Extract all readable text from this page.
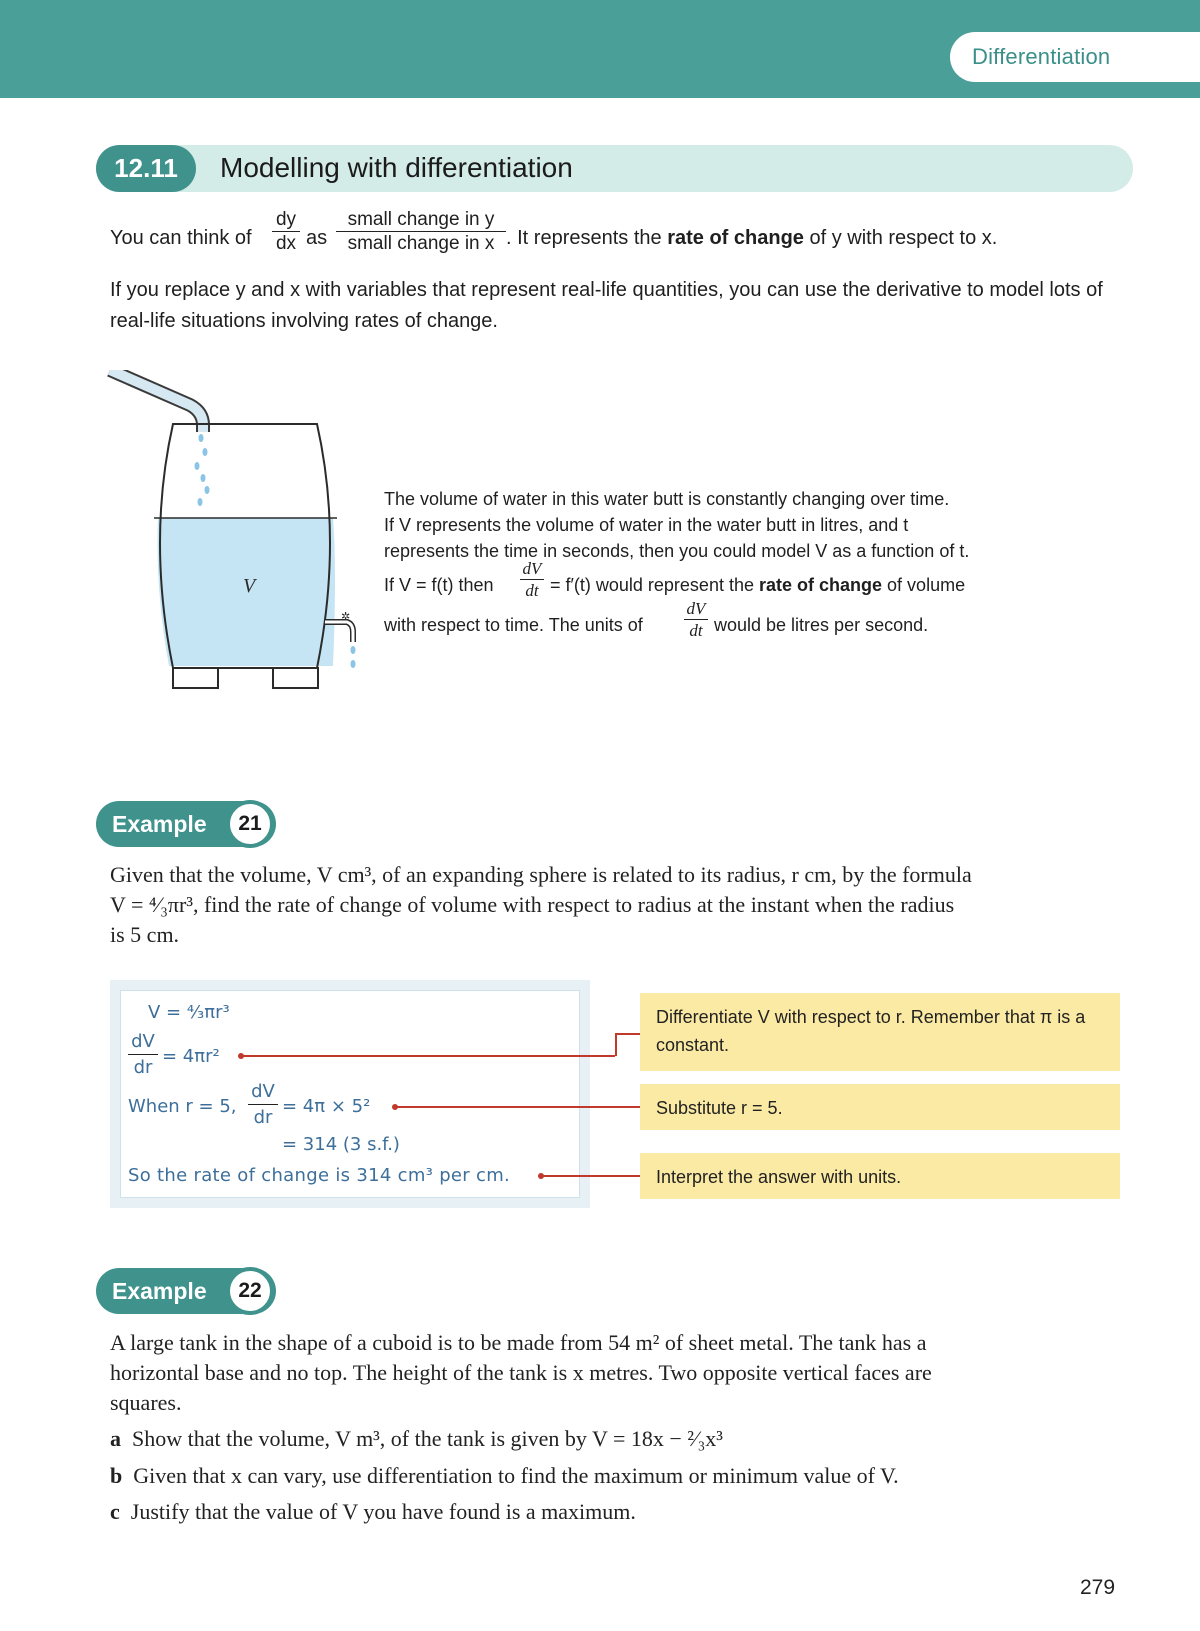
Differentiation
12.11	Modelling with differentiation
You can think of $\frac{dy}{dx}$ as
small change in y
small change in x . It represents the rate of change of y with respect to x.
If you replace y and x with variables that represent real-life quantities, you can use the derivative to model lots of real-life situations involving rates of change.
✲
V
The volume of water in this water butt is constantly changing over time.
If V represents the volume of water in the water butt in litres, and t
represents the time in seconds, then you could model V as a function of t.
If V = f(t) then $\frac{dV}{dt} = f'(t)$ would represent the rate of change of volume
with respect to time. The units of $\frac{dV}{dt}$ would be litres per second.
Example	21
Given that the volume, V cm³, of an expanding sphere is related to its radius, r cm, by the formula
V = ⁴⁄₃πr³, find the rate of change of volume with respect to radius at the instant when the radius
is 5 cm.
V = ⁴⁄₃πr³
$\frac{dV}{dr} = 4\pi r^2$
When r = 5, $\frac{dV}{dr} = 4\pi \times 5^2$
= 314 (3 s.f.)
So the rate of change is 314 cm³ per cm.
Differentiate V with respect to r. Remember that π is a constant.
Substitute r = 5.
Interpret the answer with units.
Example	22
A large tank in the shape of a cuboid is to be made from 54 m² of sheet metal. The tank has a
horizontal base and no top. The height of the tank is x metres. Two opposite vertical faces are
squares.
a Show that the volume, V m³, of the tank is given by V = 18x − ²⁄₃x³
b Given that x can vary, use differentiation to find the maximum or minimum value of V.
c Justify that the value of V you have found is a maximum.
279
